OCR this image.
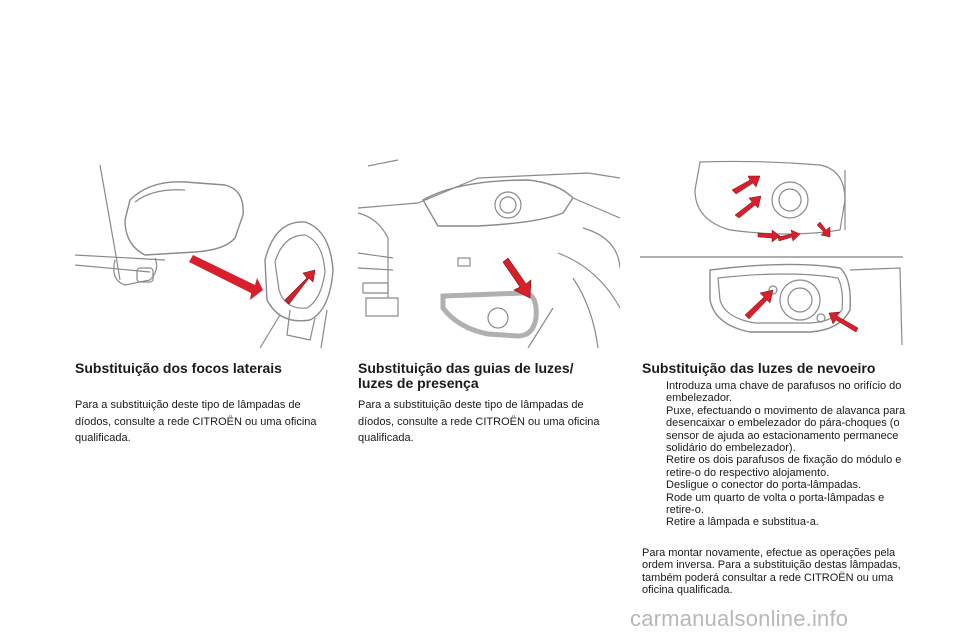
Substituição dos focos laterais

Para a substituição deste tipo de lâmpadas de díodos, consulte a rede CITROËN ou uma oficina qualificada.

Substituição das guias de luzes/
luzes de presença

Para a substituição deste tipo de lâmpadas de díodos, consulte a rede CITROËN ou uma oficina qualificada.

Substituição das luzes de nevoeiro
Introduza uma chave de parafusos no orifício do embelezador.
Puxe, efectuando o movimento de alavanca para desencaixar o embelezador do pára-choques (o sensor de ajuda ao estacionamento permanece solidário do embelezador).
Retire os dois parafusos de fixação do módulo e retire-o do respectivo alojamento.
Desligue o conector do porta-lâmpadas.
Rode um quarto de volta o porta-lâmpadas e retire-o.
Retire a lâmpada e substitua-a.

Para montar novamente, efectue as operações pela ordem inversa. Para a substituição destas lâmpadas, também poderá consultar a rede CITROËN ou uma oficina qualificada.

carmanualsonline.info
